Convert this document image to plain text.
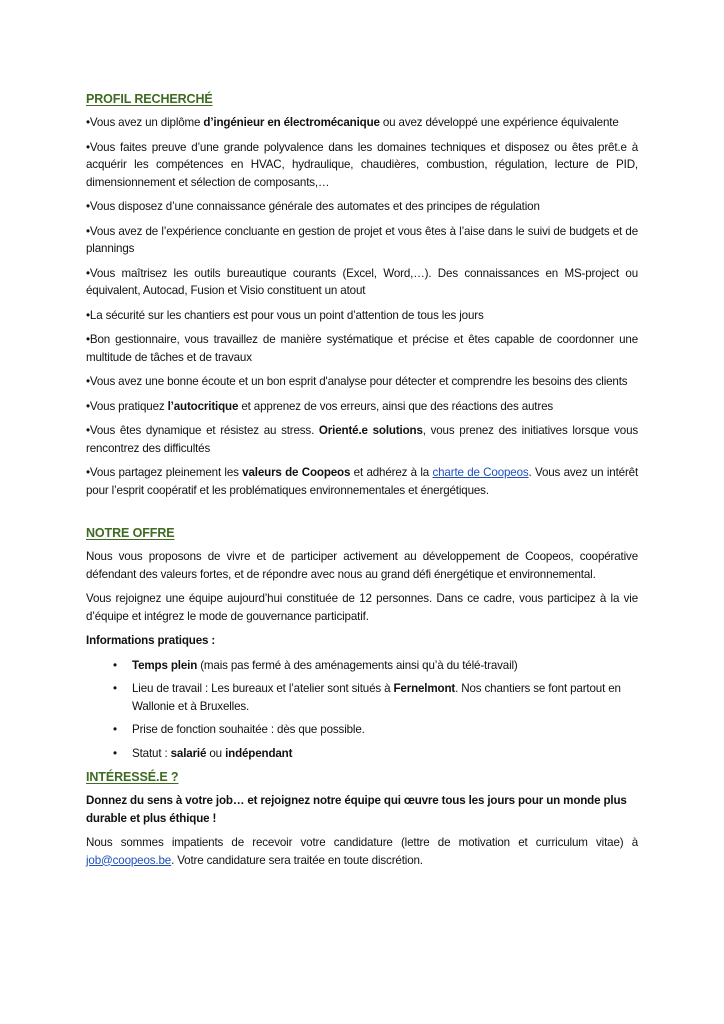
PROFIL RECHERCHÉ

•Vous avez un diplôme d’ingénieur en électromécanique ou avez développé une expérience équivalente

•Vous faites preuve d’une grande polyvalence dans les domaines techniques et disposez ou êtes prêt.e à acquérir les compétences en HVAC, hydraulique, chaudières, combustion, régulation, lecture de PID, dimensionnement et sélection de composants,…

•Vous disposez d’une connaissance générale des automates et des principes de régulation

•Vous avez de l’expérience concluante en gestion de projet et vous êtes à l’aise dans le suivi de budgets et de plannings

•Vous maîtrisez les outils bureautique courants (Excel, Word,…). Des connaissances en MS-project ou équivalent, Autocad, Fusion et Visio constituent un atout

•La sécurité sur les chantiers est pour vous un point d’attention de tous les jours

•Bon gestionnaire, vous travaillez de manière systématique et précise et êtes capable de coordonner une multitude de tâches et de travaux

•Vous avez une bonne écoute et un bon esprit d'analyse pour détecter et comprendre les besoins des clients

•Vous pratiquez l’autocritique et apprenez de vos erreurs, ainsi que des réactions des autres

•Vous êtes dynamique et résistez au stress. Orienté.e solutions, vous prenez des initiatives lorsque vous rencontrez des difficultés

•Vous partagez pleinement les valeurs de Coopeos et adhérez à la charte de Coopeos. Vous avez un intérêt pour l’esprit coopératif et les problématiques environnementales et énergétiques.

NOTRE OFFRE

Nous vous proposons de vivre et de participer activement au développement de Coopeos, coopérative défendant des valeurs fortes, et de répondre avec nous au grand défi énergétique et environnemental.

Vous rejoignez une équipe aujourd’hui constituée de 12 personnes. Dans ce cadre, vous participez à la vie d’équipe et intégrez le mode de gouvernance participatif.

Informations pratiques :

• Temps plein (mais pas fermé à des aménagements ainsi qu’à du télé-travail)
• Lieu de travail : Les bureaux et l’atelier sont situés à Fernelmont. Nos chantiers se font partout en Wallonie et à Bruxelles.
• Prise de fonction souhaitée : dès que possible.
• Statut : salarié ou indépendant
INTÉRESSÉ.E ?

Donnez du sens à votre job… et rejoignez notre équipe qui œuvre tous les jours pour un monde plus durable et plus éthique !

Nous sommes impatients de recevoir votre candidature (lettre de motivation et curriculum vitae) à job@coopeos.be. Votre candidature sera traitée en toute discrétion.
